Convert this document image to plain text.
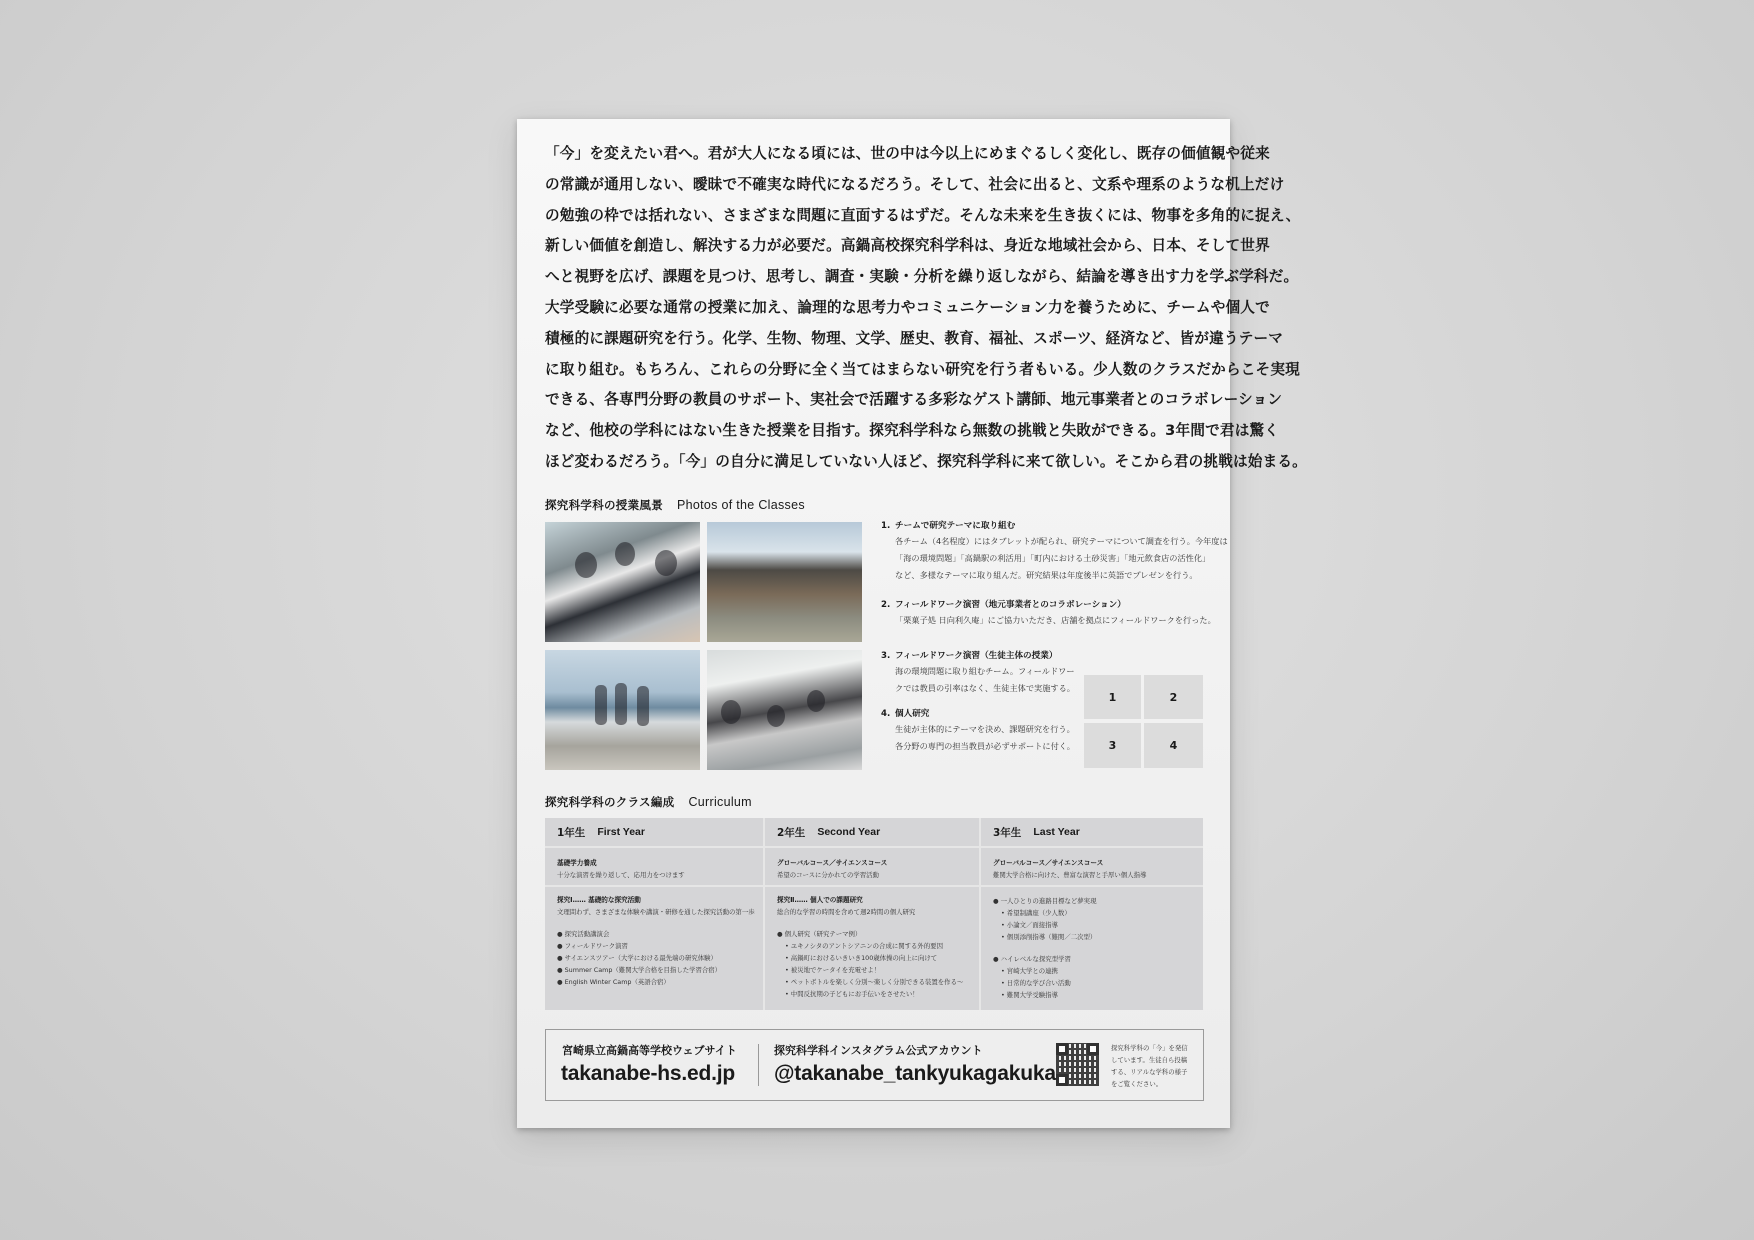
「今」を変えたい君へ。君が大人になる頃には、世の中は今以上にめまぐるしく変化し、既存の価値観や従来

の常識が通用しない、曖昧で不確実な時代になるだろう。そして、社会に出ると、文系や理系のような机上だけ

の勉強の枠では括れない、さまざまな問題に直面するはずだ。そんな未来を生き抜くには、物事を多角的に捉え、

新しい価値を創造し、解決する力が必要だ。高鍋高校探究科学科は、身近な地域社会から、日本、そして世界

へと視野を広げ、課題を見つけ、思考し、調査・実験・分析を繰り返しながら、結論を導き出す力を学ぶ学科だ。

大学受験に必要な通常の授業に加え、論理的な思考力やコミュニケーション力を養うために、チームや個人で

積極的に課題研究を行う。化学、生物、物理、文学、歴史、教育、福祉、スポーツ、経済など、皆が違うテーマ

に取り組む。もちろん、これらの分野に全く当てはまらない研究を行う者もいる。少人数のクラスだからこそ実現

できる、各専門分野の教員のサポート、実社会で活躍する多彩なゲスト講師、地元事業者とのコラボレーション

など、他校の学科にはない生きた授業を目指す。探究科学科なら無数の挑戦と失敗ができる。3年間で君は驚く

ほど変わるだろう。「今」の自分に満足していない人ほど、探究科学科に来て欲しい。そこから君の挑戦は始まる。

探究科学科の授業風景 Photos of the Classes
1. チームで研究テーマに取り組む

各チーム（4名程度）にはタブレットが配られ、研究テーマについて調査を行う。今年度は

「海の環境問題」「高鍋駅の利活用」「町内における土砂災害」「地元飲食店の活性化」

など、多様なテーマに取り組んだ。研究結果は年度後半に英語でプレゼンを行う。

2. フィールドワーク演習（地元事業者とのコラボレーション）

「栗菓子処 日向利久庵」にご協力いただき、店舗を拠点にフィールドワークを行った。

3. フィールドワーク演習（生徒主体の授業）

海の環境問題に取り組むチーム。フィールドワー

クでは教員の引率はなく、生徒主体で実施する。

4. 個人研究

生徒が主体的にテーマを決め、課題研究を行う。

各分野の専門の担当教員が必ずサポートに付く。

1	2
3	4
探究科学科のクラス編成 Curriculum
1年生 First Year
基礎学力養成
十分な演習を繰り返して、応用力をつけます
探究Ⅰ…… 基礎的な探究活動
文理問わず、さまざまな体験や講演・研修を通した探究活動の第一歩
● 探究活動講演会
● フィールドワーク演習
● サイエンスツアー（大学における最先端の研究体験）
● Summer Camp（難関大学合格を目指した学習合宿）
● English Winter Camp（英語合宿）
2年生 Second Year
グローバルコース／サイエンスコース
希望のコースに分かれての学習活動
探究Ⅱ…… 個人での課題研究
総合的な学習の時間を含めて週2時間の個人研究
● 個人研究（研究テーマ例）
• ユキノシタのアントシアニンの合成に関する外的要因
• 高鍋町におけるいきいき100歳体操の向上に向けて
• 被災地でケータイを充電せよ！
• ペットボトルを楽しく分別～楽しく分別できる装置を作る～
• 中間反抗期の子どもにお手伝いをさせたい！
3年生 Last Year
グローバルコース／サイエンスコース
難関大学合格に向けた、豊富な演習と手厚い個人指導
● 一人ひとりの進路目標など夢実現
• 希望制講座（少人数）
• 小論文／面接指導
• 個別添削指導（難関／二次型）
● ハイレベルな探究型学習
• 宮崎大学との連携
• 日常的な学び合い活動
• 難関大学受験指導
宮崎県立高鍋高等学校ウェブサイト
takanabe-hs.ed.jp
探究科学科インスタグラム公式アカウント
@takanabe_tankyukagakuka
探究科学科の「今」を発信
しています。生徒自ら投稿
する、リアルな学科の様子
をご覧ください。
